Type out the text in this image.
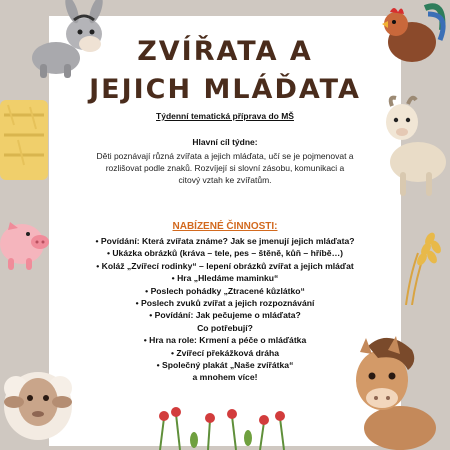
ZVÍŘATA A
JEJICH MLÁĎATA
Týdenní tematická příprava do MŠ
Hlavní cíl týdne:
Děti poznávají různá zvířata a jejich mláďata, učí se je pojmenovat a rozlišovat podle znaků. Rozvíjejí si slovní zásobu, komunikaci a citový vztah ke zvířatům.
NABÍZENÉ ČINNOSTI:
• Povídání: Která zvířata známe? Jak se jmenují jejich mláďata?
• Ukázka obrázků (kráva – tele, pes – štěně, kůň – hříbě…)
• Koláž „Zvířecí rodinky“ – lepení obrázků zvířat a jejich mláďat
• Hra „Hledáme maminku“
• Poslech pohádky „Ztracené kůzlátko“
• Poslech zvuků zvířat a jejich rozpoznávání
• Povídání: Jak pečujeme o mláďata?
Co potřebují?
• Hra na role: Krmení a péče o mláďátka
• Zvířecí překážková dráha
• Společný plakát „Naše zvířátka“
a mnohem více!
